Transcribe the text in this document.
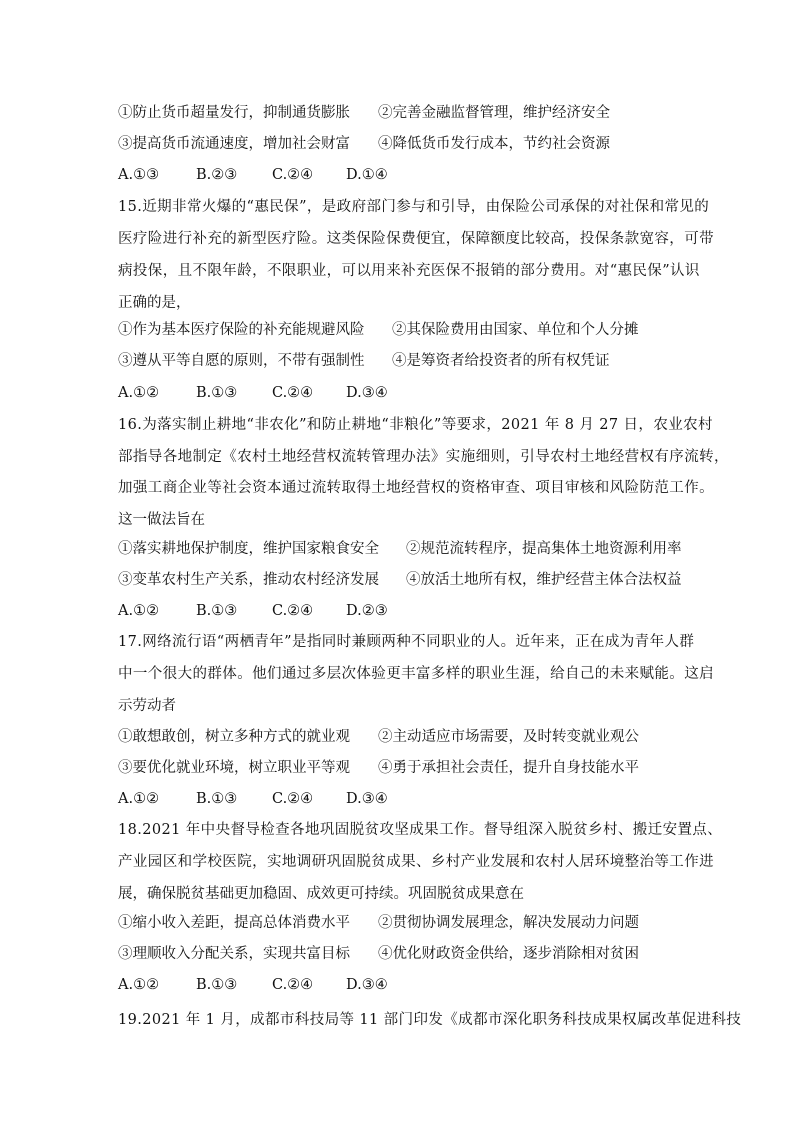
①防止货币超量发行，抑制通货膨胀 ②完善金融监督管理，维护经济安全
③提高货币流通速度，增加社会财富 ④降低货币发行成本，节约社会资源
A.①③	B.②③ C.②④ D.①④
15.近期非常火爆的“惠民保”，是政府部门参与和引导，由保险公司承保的对社保和常见的
医疗险进行补充的新型医疗险。这类保险保费便宜，保障额度比较高，投保条款宽容，可带
病投保，且不限年龄，不限职业，可以用来补充医保不报销的部分费用。对“惠民保”认识
正确的是，
①作为基本医疗保险的补充能规避风险 ②其保险费用由国家、单位和个人分摊
③遵从平等自愿的原则，不带有强制性 ④是筹资者给投资者的所有权凭证
A.①②	B.①③ C.②④ D.③④
16.为落实制止耕地“非农化”和防止耕地“非粮化”等要求，2021 年 8 月 27 日，农业农村
部指导各地制定《农村土地经营权流转管理办法》实施细则，引导农村土地经营权有序流转，
加强工商企业等社会资本通过流转取得土地经营权的资格审查、项目审核和风险防范工作。
这一做法旨在
①落实耕地保护制度，维护国家粮食安全 ②规范流转程序，提高集体土地资源利用率
③变革农村生产关系，推动农村经济发展 ④放活土地所有权，维护经营主体合法权益
A.①②	B.①③ C.②④ D.②③
17.网络流行语“两栖青年”是指同时兼顾两种不同职业的人。近年来，正在成为青年人群
中一个很大的群体。他们通过多层次体验更丰富多样的职业生涯，给自己的未来赋能。这启
示劳动者
①敢想敢创，树立多种方式的就业观 ②主动适应市场需要，及时转变就业观公
③要优化就业环境，树立职业平等观 ④勇于承担社会责任，提升自身技能水平
A.①②	B.①③ C.②④ D.③④
18.2021 年中央督导检查各地巩固脱贫攻坚成果工作。督导组深入脱贫乡村、搬迁安置点、
产业园区和学校医院，实地调研巩固脱贫成果、乡村产业发展和农村人居环境整治等工作进
展，确保脱贫基础更加稳固、成效更可持续。巩固脱贫成果意在
①缩小收入差距，提高总体消费水平 ②贯彻协调发展理念，解决发展动力问题
③理顺收入分配关系，实现共富目标 ④优化财政资金供给，逐步消除相对贫困
A.①②	B.①③ C.②④ D.③④
19.2021 年 1 月，成都市科技局等 11 部门印发《成都市深化职务科技成果权属改革促进科技
